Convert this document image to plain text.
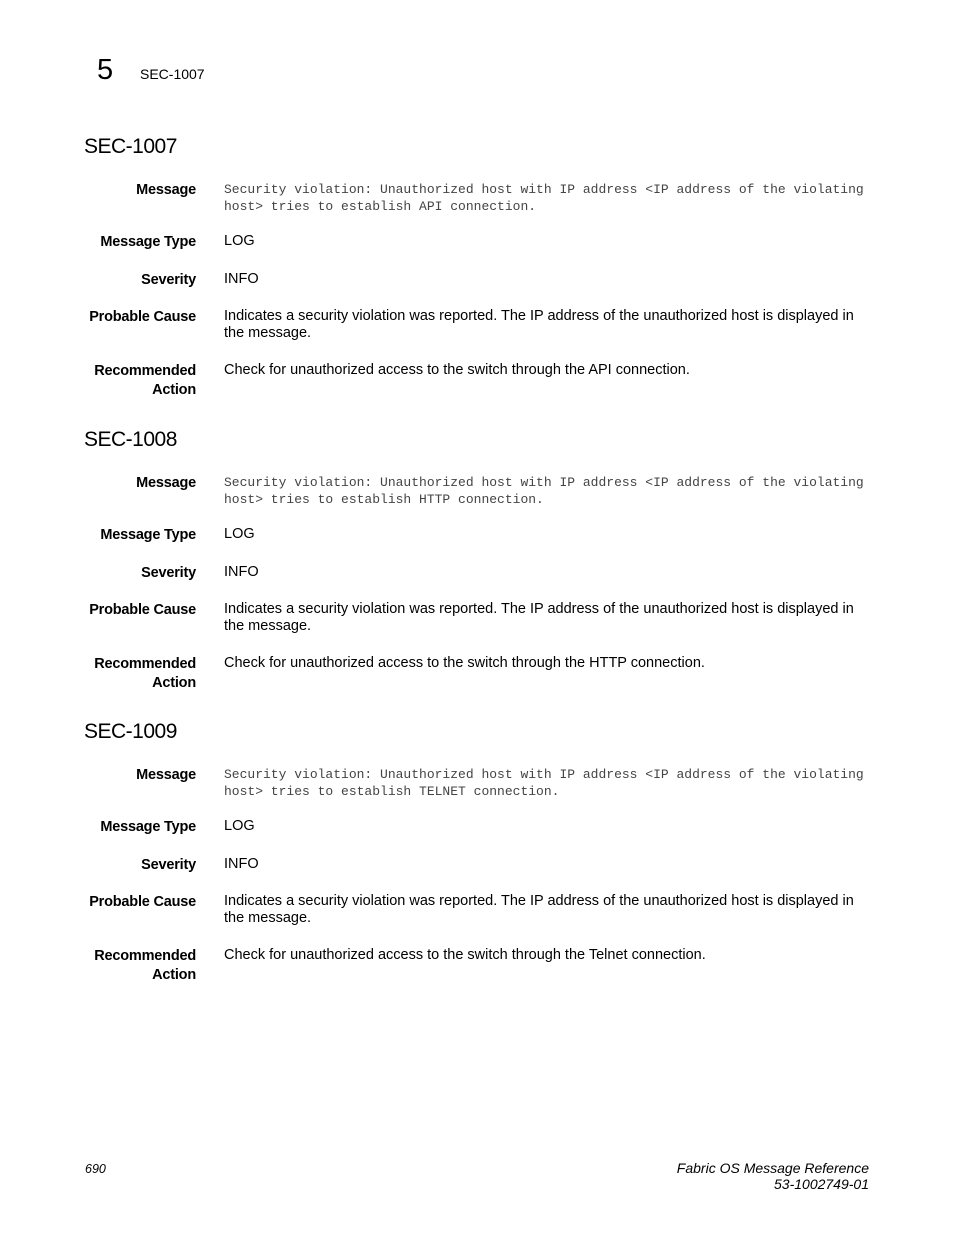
5 SEC-1007
SEC-1007
Message Security violation: Unauthorized host with IP address <IP address of the violating
host> tries to establish API connection.
Message Type LOG
Severity INFO
Probable Cause Indicates a security violation was reported. The IP address of the unauthorized host is displayed in the message.
Recommended
Action
Check for unauthorized access to the switch through the API connection.
SEC-1008
Message Security violation: Unauthorized host with IP address <IP address of the violating
host> tries to establish HTTP connection.
Message Type LOG
Severity INFO
Probable Cause Indicates a security violation was reported. The IP address of the unauthorized host is displayed in the message.
Recommended
Action
Check for unauthorized access to the switch through the HTTP connection.
SEC-1009
Message Security violation: Unauthorized host with IP address <IP address of the violating
host> tries to establish TELNET connection.
Message Type LOG
Severity INFO
Probable Cause Indicates a security violation was reported. The IP address of the unauthorized host is displayed in the message.
Recommended
Action
Check for unauthorized access to the switch through the Telnet connection.
690	Fabric OS Message Reference
53-1002749-01
